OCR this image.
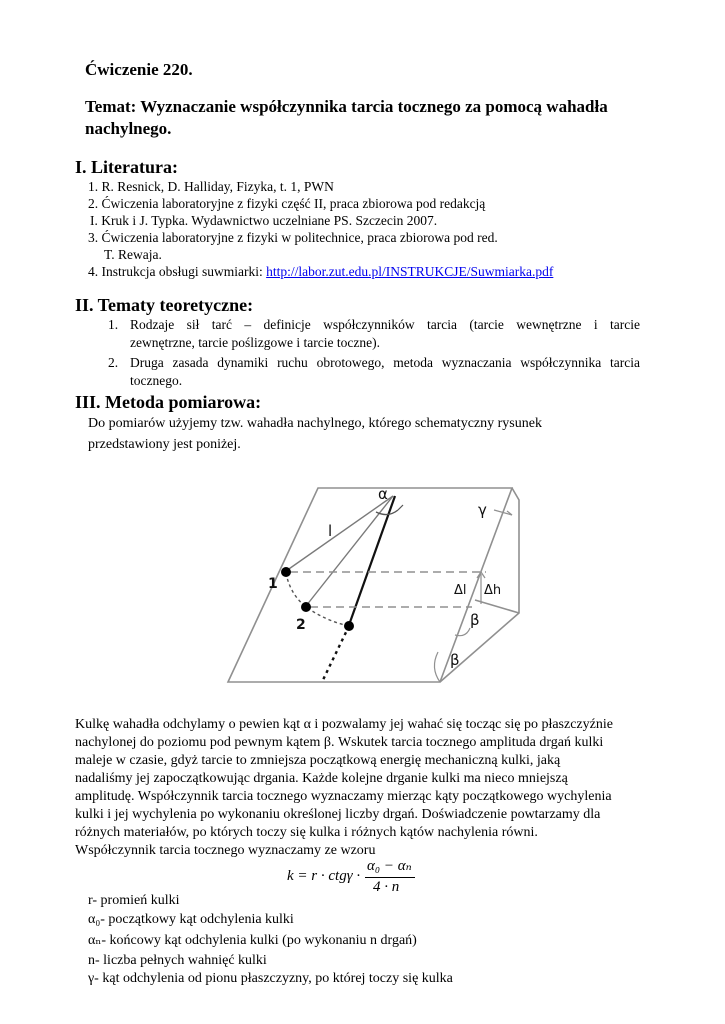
Ćwiczenie 220.
Temat: Wyznaczanie współczynnika tarcia tocznego za pomocą wahadła
nachylnego.
I. Literatura:
1. R. Resnick, D. Halliday, Fizyka, t. 1, PWN
2. Ćwiczenia laboratoryjne z fizyki część II, praca zbiorowa pod redakcją
I. Kruk i J. Typka. Wydawnictwo uczelniane PS. Szczecin 2007.
3. Ćwiczenia laboratoryjne z fizyki w politechnice, praca zbiorowa pod red.
T. Rewaja.
4. Instrukcja obsługi suwmiarki: http://labor.zut.edu.pl/INSTRUKCJE/Suwmiarka.pdf
II. Tematy teoretyczne:
1. Rodzaje sił tarć – definicje współczynników tarcia (tarcie wewnętrzne i tarcie
zewnętrzne, tarcie poślizgowe i tarcie toczne).
2. Druga zasada dynamiki ruchu obrotowego, metoda wyznaczania współczynnika tarcia
tocznego.
III. Metoda pomiarowa:
Do pomiarów użyjemy tzw. wahadła nachylnego, którego schematyczny rysunek
przedstawiony jest poniżej.
α
γ
l
1
2
Δl Δh
β
β
Kulkę wahadła odchylamy o pewien kąt α i pozwalamy jej wahać się tocząc się po płaszczyźnie
nachylonej do poziomu pod pewnym kątem β. Wskutek tarcia tocznego amplituda drgań kulki
maleje w czasie, gdyż tarcie to zmniejsza początkową energię mechaniczną kulki, jaką
nadaliśmy jej zapoczątkowując drgania. Każde kolejne drganie kulki ma nieco mniejszą
amplitudę. Współczynnik tarcia tocznego wyznaczamy mierząc kąty początkowego wychylenia
kulki i jej wychylenia po wykonaniu określonej liczby drgań. Doświadczenie powtarzamy dla
różnych materiałów, po których toczy się kulka i różnych kątów nachylenia równi.
Współczynnik tarcia tocznego wyznaczamy ze wzoru
k = r · ctgγ ·
α₀ − αₙ
4 · n
r- promień kulki
α₀- początkowy kąt odchylenia kulki
αₙ- końcowy kąt odchylenia kulki (po wykonaniu n drgań)
n- liczba pełnych wahnięć kulki
γ- kąt odchylenia od pionu płaszczyzny, po której toczy się kulka
